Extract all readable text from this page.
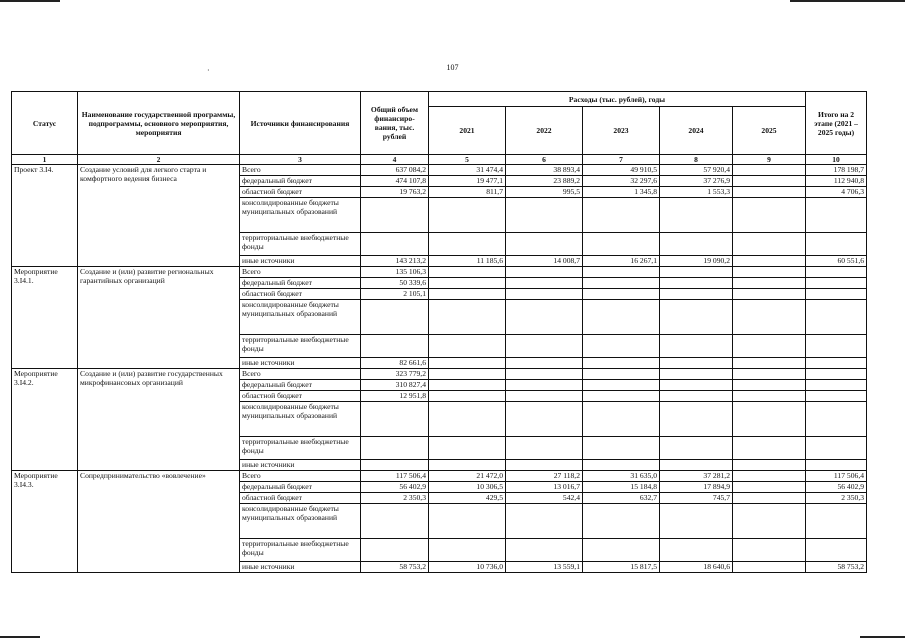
107
·
Статус	Наименование государственной программы, подпрограммы, основного мероприятия, мероприятия	Источники финансирования	Общий объем финансиро-вания, тыс. рублей	Расходы (тыс. рублей), годы					Итого на 2 этапе (2021 – 2025 годы)
				2021	2022	2023	2024	2025	
1	2	3	4	5	6	7	8	9	10
Проект 3.I4.	Создание условий для легкого старта и комфортного ведения бизнеса	Всего	637 084,2	31 474,4	38 893,4	49 910,5	57 920,4		178 198,7
		федеральный бюджет	474 107,8	19 477,1	23 889,2	32 297,6	37 276,9		112 940,8
		областной бюджет	19 763,2	811,7	995,5	1 345,8	1 553,3		4 706,3
		консолидированные бюджеты муниципальных образований							
		территориальные внебюджетные фонды							
		иные источники	143 213,2	11 185,6	14 008,7	16 267,1	19 090,2		60 551,6
Мероприятие 3.I4.1.	Создание и (или) развитие региональных гарантийных организаций	Всего	135 106,3						
		федеральный бюджет	50 339,6						
		областной бюджет	2 105,1						
		консолидированные бюджеты муниципальных образований							
		территориальные внебюджетные фонды							
		иные источники	82 661,6						
Мероприятие 3.I4.2.	Создание и (или) развитие государственных микрофинансовых организаций	Всего	323 779,2						
		федеральный бюджет	310 827,4						
		областной бюджет	12 951,8						
		консолидированные бюджеты муниципальных образований							
		территориальные внебюджетные фонды							
		иные источники							
Мероприятие 3.I4.3.	Сопредпринимательство «вовлечение»	Всего	117 506,4	21 472,0	27 118,2	31 635,0	37 281,2		117 506,4
		федеральный бюджет	56 402,9	10 306,5	13 016,7	15 184,8	17 894,9		56 402,9
		областной бюджет	2 350,3	429,5	542,4	632,7	745,7		2 350,3
		консолидированные бюджеты муниципальных образований							
		территориальные внебюджетные фонды							
		иные источники	58 753,2	10 736,0	13 559,1	15 817,5	18 640,6		58 753,2
